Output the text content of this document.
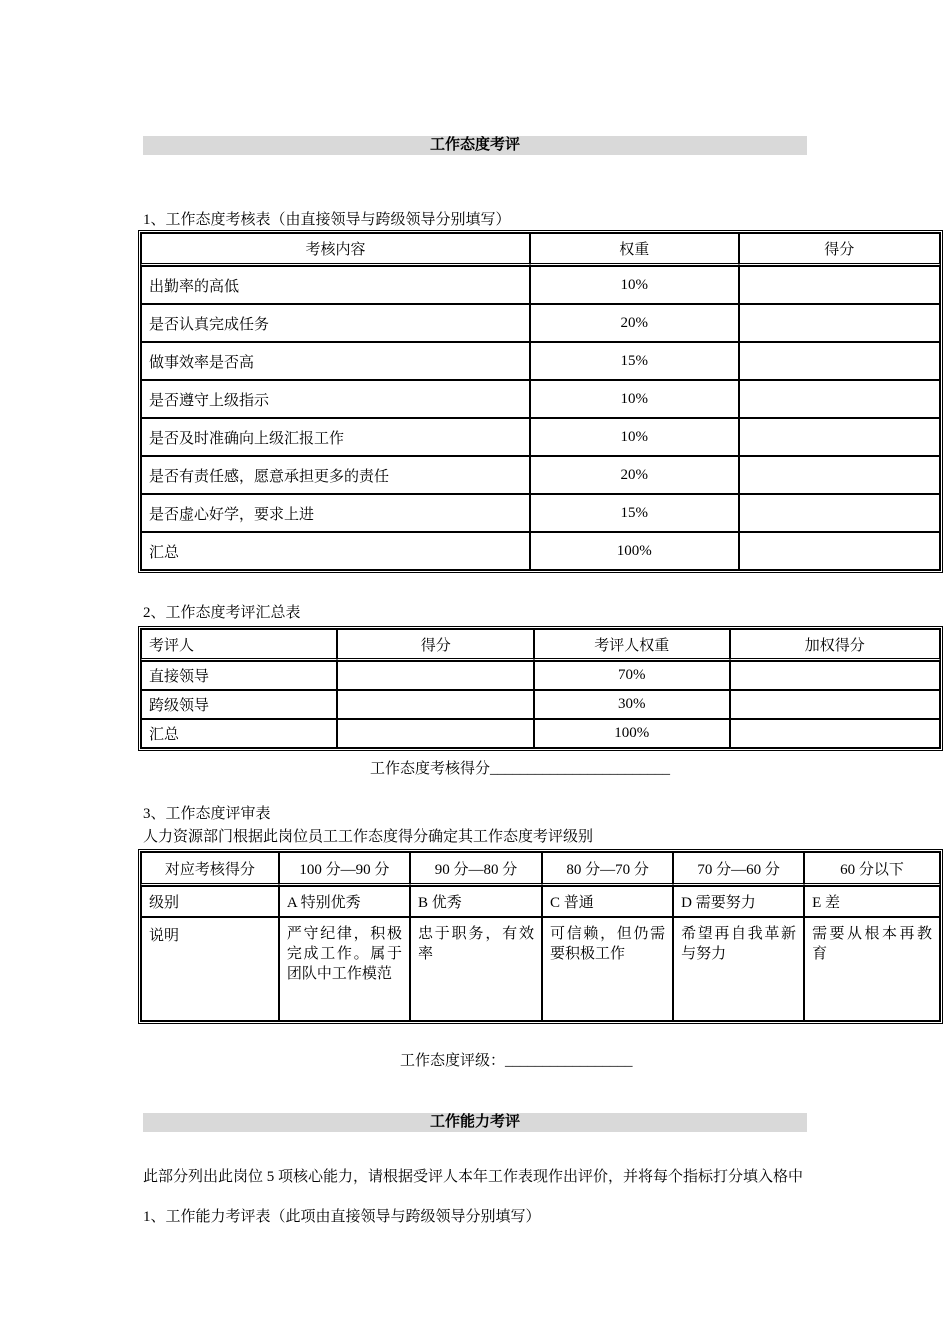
工作态度考评
1、工作态度考核表（由直接领导与跨级领导分别填写）
考核内容	权重	得分
出勤率的高低	10%	
是否认真完成任务	20%	
做事效率是否高	15%	
是否遵守上级指示	10%	
是否及时准确向上级汇报工作	10%	
是否有责任感，愿意承担更多的责任	20%	
是否虚心好学，要求上进	15%	
汇总	100%	
2、工作态度考评汇总表
考评人	得分	考评人权重	加权得分
直接领导		70%	
跨级领导		30%	
汇总		100%	
工作态度考核得分________________________
3、工作态度评审表
人力资源部门根据此岗位员工工作态度得分确定其工作态度考评级别
对应考核得分	100 分—90 分	90 分—80 分	80 分—70 分	70 分—60 分	60 分以下
级别	A 特别优秀	B 优秀	C 普通	D 需要努力	E 差
说明	严守纪律，积极完成工作。属于团队中工作模范	忠于职务，有效率	可信赖，但仍需要积极工作	希望再自我革新与努力	需要从根本再教育
工作态度评级：_________________
工作能力考评
此部分列出此岗位 5 项核心能力，请根据受评人本年工作表现作出评价，并将每个指标打分填入格中
1、工作能力考评表（此项由直接领导与跨级领导分别填写）
